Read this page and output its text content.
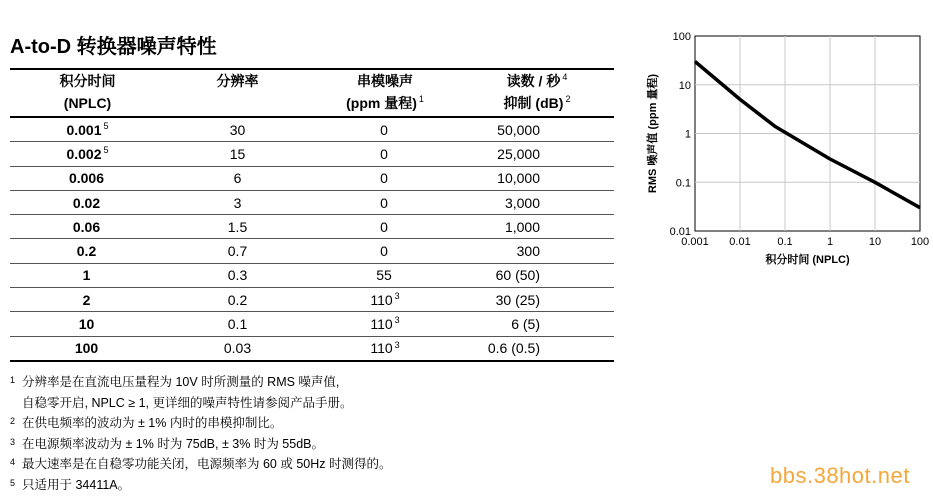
A-to-D 转换器噪声特性
积分时间	分辨率	串模噪声	读数 / 秒 $^4$
(NPLC)		(ppm 量程) $^1$	抑制 (dB) $^2$
0.001 $^5$	30	0	50,000
0.002 $^5$	15	0	25,000
0.006	6	0	10,000
0.02	3	0	3,000
0.06	1.5	0	1,000
0.2	0.7	0	300
1	0.3	55	60 (50)
2	0.2	110 $^3$	30 (25)
10	0.1	110 $^3$	6 (5)
100	0.03	110 $^3$	0.6 (0.5)
1 分辨率是在直流电压量程为 10V 时所测量的 RMS 噪声值,
自稳零开启, NPLC ≥ 1, 更详细的噪声特性请参阅产品手册。
2 在供电频率的波动为 ± 1% 内时的串模抑制比。
3 在电源频率波动为 ± 1% 时为 75dB, ± 3% 时为 55dB。
4 最大速率是在自稳零功能关闭，电源频率为 60 或 50Hz 时测得的。
5 只适用于 34411A。
0.001 0.01 0.1	1	10	100
0.01
0.1
1
10
100
积分时间 (NPLC)
RMS 噪声值 (ppm 量程)
bbs.38hot.net
